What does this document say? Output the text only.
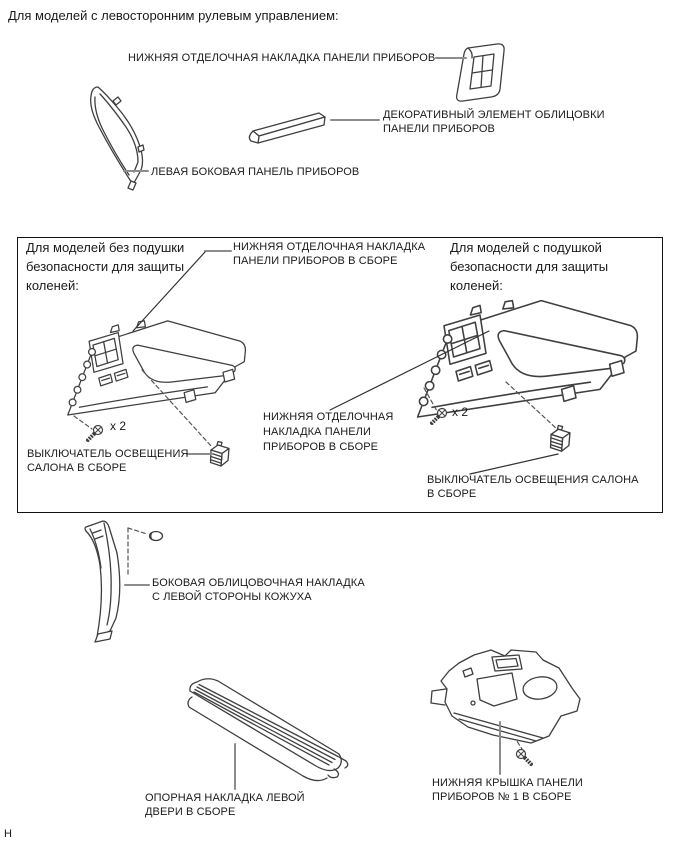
Для моделей с левосторонним рулевым управлением:
НИЖНЯЯ ОТДЕЛОЧНАЯ НАКЛАДКА ПАНЕЛИ ПРИБОРОВ
ДЕКОРАТИВНЫЙ ЭЛЕМЕНТ ОБЛИЦОВКИ
ПАНЕЛИ ПРИБОРОВ
ЛЕВАЯ БОКОВАЯ ПАНЕЛЬ ПРИБОРОВ
Для моделей без подушки
безопасности для защиты
коленей:
НИЖНЯЯ ОТДЕЛОЧНАЯ НАКЛАДКА
ПАНЕЛИ ПРИБОРОВ В СБОРЕ
x 2
ВЫКЛЮЧАТЕЛЬ ОСВЕЩЕНИЯ
САЛОНА В СБОРЕ
Для моделей с подушкой
безопасности для защиты
коленей:
НИЖНЯЯ ОТДЕЛОЧНАЯ
НАКЛАДКА ПАНЕЛИ
ПРИБОРОВ В СБОРЕ
x 2
ВЫКЛЮЧАТЕЛЬ ОСВЕЩЕНИЯ САЛОНА
В СБОРЕ
БОКОВАЯ ОБЛИЦОВОЧНАЯ НАКЛАДКА
С ЛЕВОЙ СТОРОНЫ КОЖУХА
ОПОРНАЯ НАКЛАДКА ЛЕВОЙ
ДВЕРИ В СБОРЕ
НИЖНЯЯ КРЫШКА ПАНЕЛИ
ПРИБОРОВ № 1 В СБОРЕ
Н
